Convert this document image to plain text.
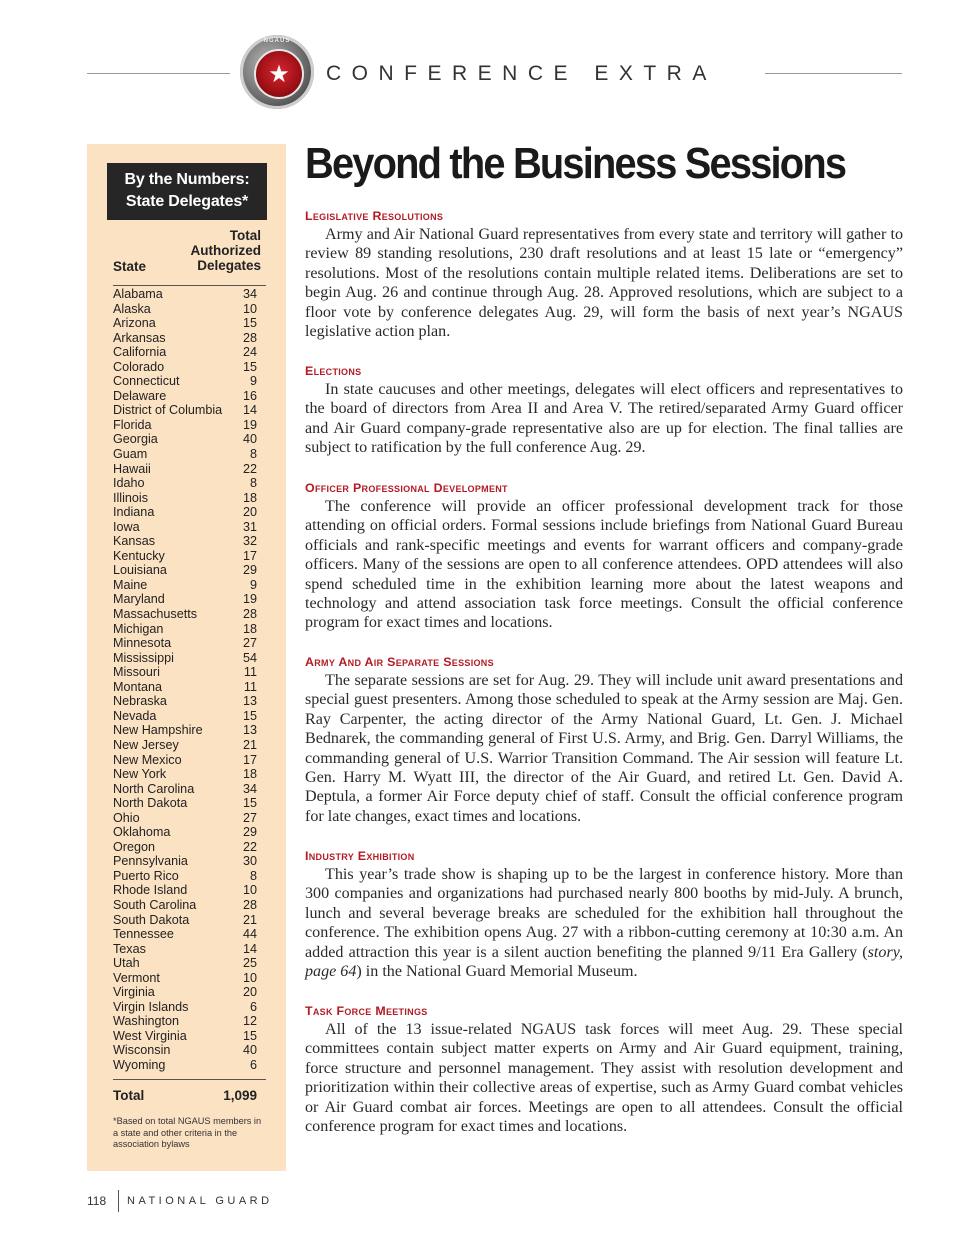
NGAUS
★	CONFERENCE EXTRA
By the Numbers:
State Delegates*
Total
Authorized
Delegates
State
Alabama	34
Alaska	10
Arizona	15
Arkansas	28
California	24
Colorado	15
Connecticut	9
Delaware	16
District of Columbia 14
Florida	19
Georgia	40
Guam	8
Hawaii	22
Idaho	8
Illinois	18
Indiana	20
Iowa	31
Kansas	32
Kentucky	17
Louisiana	29
Maine	9
Maryland	19
Massachusetts	28
Michigan	18
Minnesota	27
Mississippi	54
Missouri	11
Montana	11
Nebraska	13
Nevada	15
New Hampshire	13
New Jersey	21
New Mexico	17
New York	18
North Carolina	34
North Dakota	15
Ohio	27
Oklahoma	29
Oregon	22
Pennsylvania	30
Puerto Rico	8
Rhode Island	10
South Carolina	28
South Dakota	21
Tennessee	44
Texas	14
Utah	25
Vermont	10
Virginia	20
Virgin Islands	6
Washington	12
West Virginia	15
Wisconsin	40
Wyoming	6
Total	1,099
*Based on total NGAUS members in a state and other criteria in the association bylaws
Beyond the Business Sessions
Legislative Resolutions

Army and Air National Guard representatives from every state and territory will gather to review 89 standing resolutions, 230 draft resolutions and at least 15 late or “emergency” resolutions. Most of the resolutions contain multiple related items. Deliberations are set to begin Aug. 26 and continue through Aug. 28. Approved resolutions, which are subject to a floor vote by conference delegates Aug. 29, will form the basis of next year’s NGAUS legislative action plan.

Elections

In state caucuses and other meetings, delegates will elect officers and representatives to the board of directors from Area II and Area V. The retired/separated Army Guard officer and Air Guard company-grade representative also are up for election. The final tallies are subject to ratification by the full conference Aug. 29.

Officer Professional Development

The conference will provide an officer professional development track for those attending on official orders. Formal sessions include briefings from National Guard Bureau officials and rank-specific meetings and events for warrant officers and company-grade officers. Many of the sessions are open to all conference attendees. OPD attendees will also spend scheduled time in the exhibition learning more about the latest weapons and technology and attend association task force meetings. Consult the official conference program for exact times and locations.

Army And Air Separate Sessions

The separate sessions are set for Aug. 29. They will include unit award presentations and special guest presenters. Among those scheduled to speak at the Army session are Maj. Gen. Ray Carpenter, the acting director of the Army National Guard, Lt. Gen. J. Michael Bednarek, the commanding general of First U.S. Army, and Brig. Gen. Darryl Williams, the commanding general of U.S. Warrior Transition Command. The Air session will feature Lt. Gen. Harry M. Wyatt III, the director of the Air Guard, and retired Lt. Gen. David A. Deptula, a former Air Force deputy chief of staff. Consult the official conference program for late changes, exact times and locations.

Industry Exhibition

This year’s trade show is shaping up to be the largest in conference history. More than 300 companies and organizations had purchased nearly 800 booths by mid-July. A brunch, lunch and several beverage breaks are scheduled for the exhibition hall throughout the conference. The exhibition opens Aug. 27 with a ribbon-cutting ceremony at 10:30 a.m. An added attraction this year is a silent auction benefiting the planned 9/11 Era Gallery (story, page 64) in the National Guard Memorial Museum.

Task Force Meetings

All of the 13 issue-related NGAUS task forces will meet Aug. 29. These special committees contain subject matter experts on Army and Air Guard equipment, training, force structure and personnel management. They assist with resolution development and prioritization within their collective areas of expertise, such as Army Guard combat vehicles or Air Guard combat air forces. Meetings are open to all attendees. Consult the official conference program for exact times and locations.

118 NATIONAL GUARD
